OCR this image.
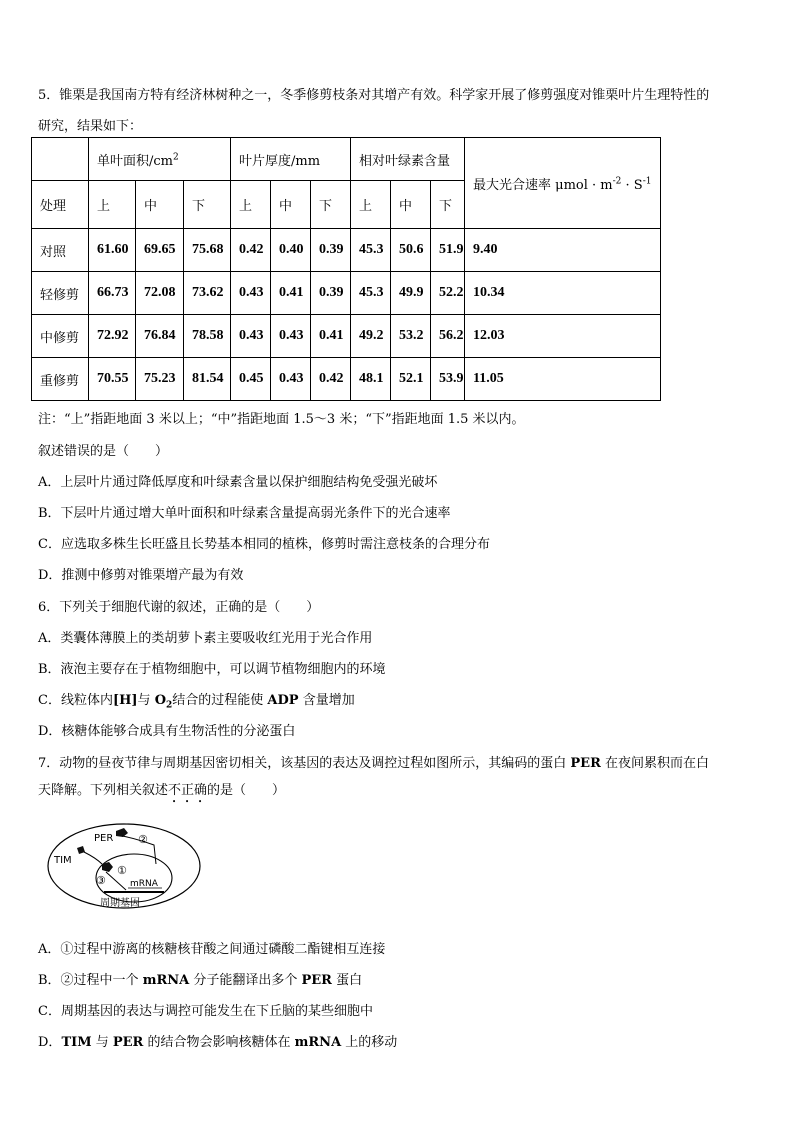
5．锥栗是我国南方特有经济林树种之一，冬季修剪枝条对其增产有效。科学家开展了修剪强度对锥栗叶片生理特性的
研究，结果如下：
	单叶面积$/cm^2$			叶片厚度/mm			相对叶绿素含量			最大光合速率 $\mu mol \cdot m^{-2} \cdot S^{-1}$
处理	上	中	下	上	中	下	上	中	下	
对照	61.60	69.65	75.68	0.42	0.40	0.39	45.3	50.6	51.9	9.40
轻修剪	66.73	72.08	73.62	0.43	0.41	0.39	45.3	49.9	52.2	10.34
中修剪	72.92	76.84	78.58	0.43	0.43	0.41	49.2	53.2	56.2	12.03
重修剪	70.55	75.23	81.54	0.45	0.43	0.42	48.1	52.1	53.9	11.05
注：“上”指距地面 3 米以上；“中”指距地面 1.5～3 米；“下”指距地面 1.5 米以内。
叙述错误的是（　　）
A．上层叶片通过降低厚度和叶绿素含量以保护细胞结构免受强光破坏
B．下层叶片通过增大单叶面积和叶绿素含量提高弱光条件下的光合速率
C．应选取多株生长旺盛且长势基本相同的植株，修剪时需注意枝条的合理分布
D．推测中修剪对锥栗增产最为有效
6．下列关于细胞代谢的叙述，正确的是（　　）
A．类囊体薄膜上的类胡萝卜素主要吸收红光用于光合作用
B．液泡主要存在于植物细胞中，可以调节植物细胞内的环境
C．线粒体内[H]与 $O_2$结合的过程能使 ADP 含量增加
D．核糖体能够合成具有生物活性的分泌蛋白
7．动物的昼夜节律与周期基因密切相关，该基因的表达及调控过程如图所示，其编码的蛋白 PER 在夜间累积而在白
天降解。下列相关叙述不正确的是（　　）
PER
TIM
②
①
③	mRNA
周期基因
A．①过程中游离的核糖核苷酸之间通过磷酸二酯键相互连接
B．②过程中一个 mRNA 分子能翻译出多个 PER 蛋白
C．周期基因的表达与调控可能发生在下丘脑的某些细胞中
D．TIM 与 PER 的结合物会影响核糖体在 mRNA 上的移动
